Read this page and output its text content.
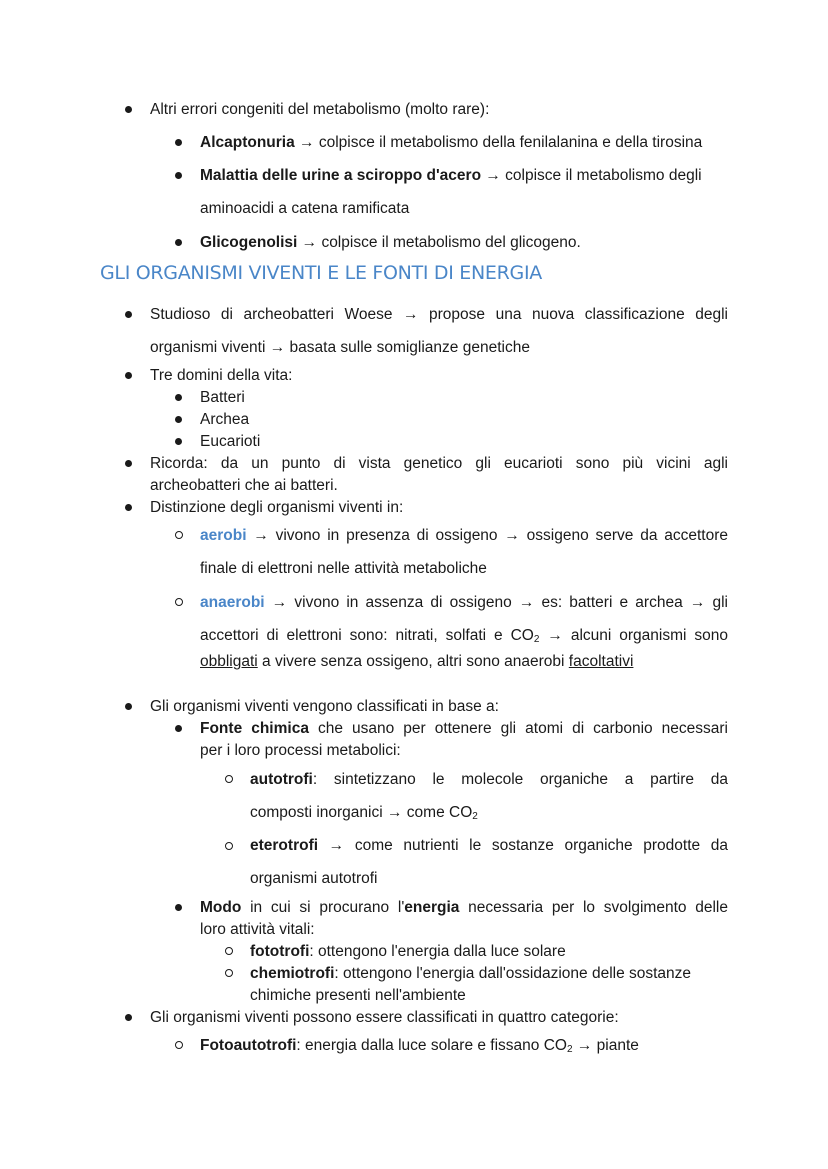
Altri errori congeniti del metabolismo (molto rare):
Alcaptonuria → colpisce il metabolismo della fenilalanina e della tirosina
Malattia delle urine a sciroppo d'acero → colpisce il metabolismo degli
aminoacidi a catena ramificata
Glicogenolisi → colpisce il metabolismo del glicogeno.
GLI ORGANISMI VIVENTI E LE FONTI DI ENERGIA
Studioso di archeobatteri Woese → propose una nuova classificazione degli
organismi viventi → basata sulle somiglianze genetiche
Tre domini della vita:
Batteri
Archea
Eucarioti
Ricorda: da un punto di vista genetico gli eucarioti sono più vicini agli
archeobatteri che ai batteri.
Distinzione degli organismi viventi in:
aerobi → vivono in presenza di ossigeno → ossigeno serve da accettore
finale di elettroni nelle attività metaboliche
anaerobi → vivono in assenza di ossigeno → es: batteri e archea → gli
accettori di elettroni sono: nitrati, solfati e $CO_2$ → alcuni organismi sono
obbligati a vivere senza ossigeno, altri sono anaerobi facoltativi
Gli organismi viventi vengono classificati in base a:
Fonte chimica che usano per ottenere gli atomi di carbonio necessari
per i loro processi metabolici:
autotrofi: sintetizzano le molecole organiche a partire da
composti inorganici → come $CO_2$
eterotrofi → come nutrienti le sostanze organiche prodotte da
organismi autotrofi
Modo in cui si procurano l'energia necessaria per lo svolgimento delle
loro attività vitali:
fototrofi: ottengono l'energia dalla luce solare
chemiotrofi: ottengono l'energia dall'ossidazione delle sostanze
chimiche presenti nell'ambiente
Gli organismi viventi possono essere classificati in quattro categorie:
Fotoautotrofi: energia dalla luce solare e fissano $CO_2$ → piante
